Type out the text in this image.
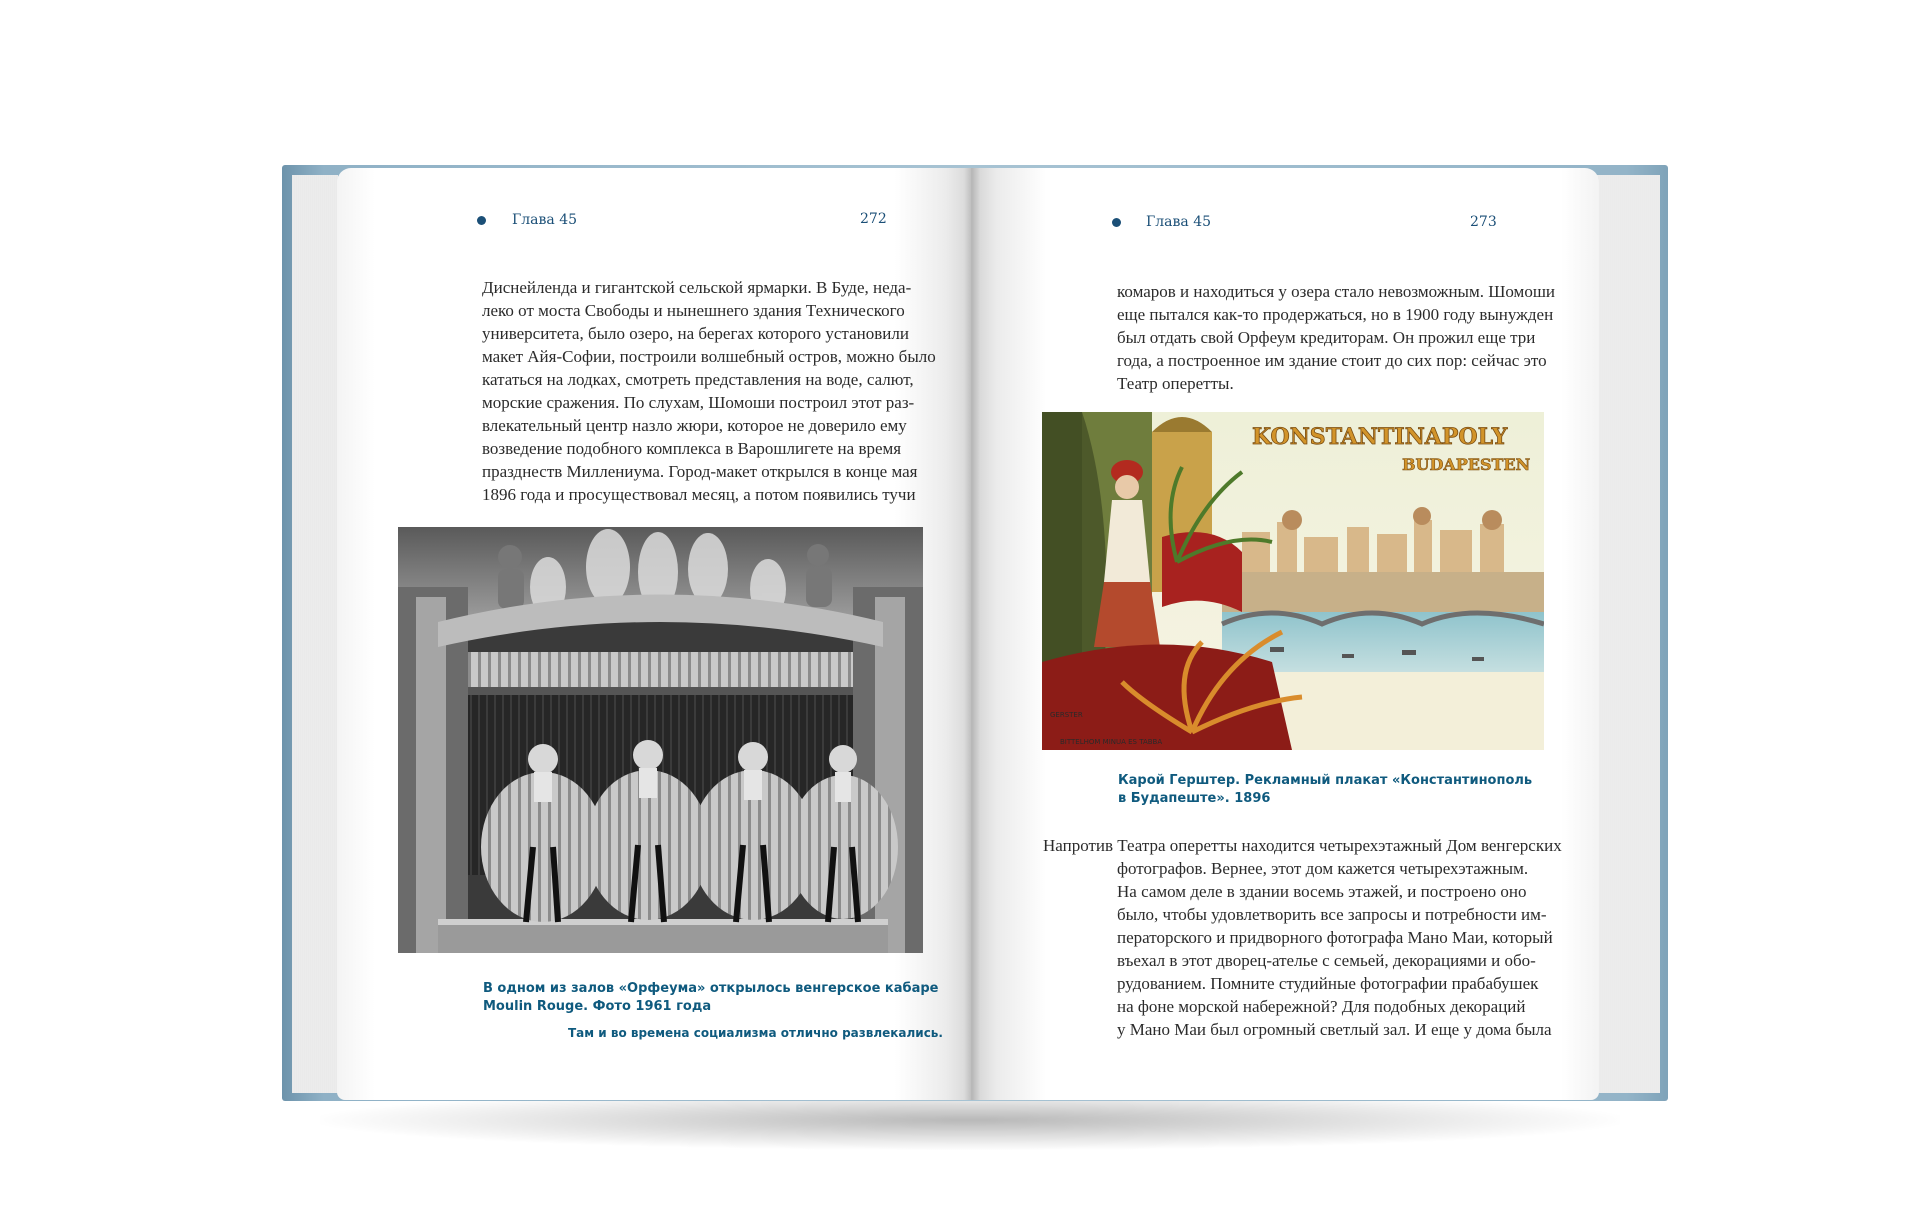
Глава 45	272
Диснейленда и гигантской сельской ярмарки. В Буде, неда-
леко от моста Свободы и нынешнего здания Технического
университета, было озеро, на берегах которого установили
макет Айя-Софии, построили волшебный остров, можно было
кататься на лодках, смотреть представления на воде, салют,
морские сражения. По слухам, Шомоши построил этот раз-
влекательный центр назло жюри, которое не доверило ему
возведение подобного комплекса в Варошлигете на время
празднеств Миллениума. Город-макет открылся в конце мая
1896 года и просуществовал месяц, а потом появились тучи
В одном из залов «Орфеума» открылось венгерское кабаре
Moulin Rouge. Фото 1961 года
Там и во времена социализма отлично развлекались.
Глава 45	273
комаров и находиться у озера стало невозможным. Шомоши
еще пытался как-то продержаться, но в 1900 году вынужден
был отдать свой Орфеум кредиторам. Он прожил еще три
года, а построенное им здание стоит до сих пор: сейчас это
Театр оперетты.
KONSTANTINAPOLY
BUDAPESTEN
GERSTER
BITTELHOM MINUA ES TABBA
Карой Герштер. Рекламный плакат «Константинополь
в Будапеште». 1896
Напротив Театра оперетты находится четырехэтажный Дом венгерских
фотографов. Вернее, этот дом кажется четырехэтажным.
На самом деле в здании восемь этажей, и построено оно
было, чтобы удовлетворить все запросы и потребности им-
ператорского и придворного фотографа Мано Маи, который
въехал в этот дворец-ателье с семьей, декорациями и обо-
рудованием. Помните студийные фотографии прабабушек
на фоне морской набережной? Для подобных декораций
у Мано Маи был огромный светлый зал. И еще у дома была
